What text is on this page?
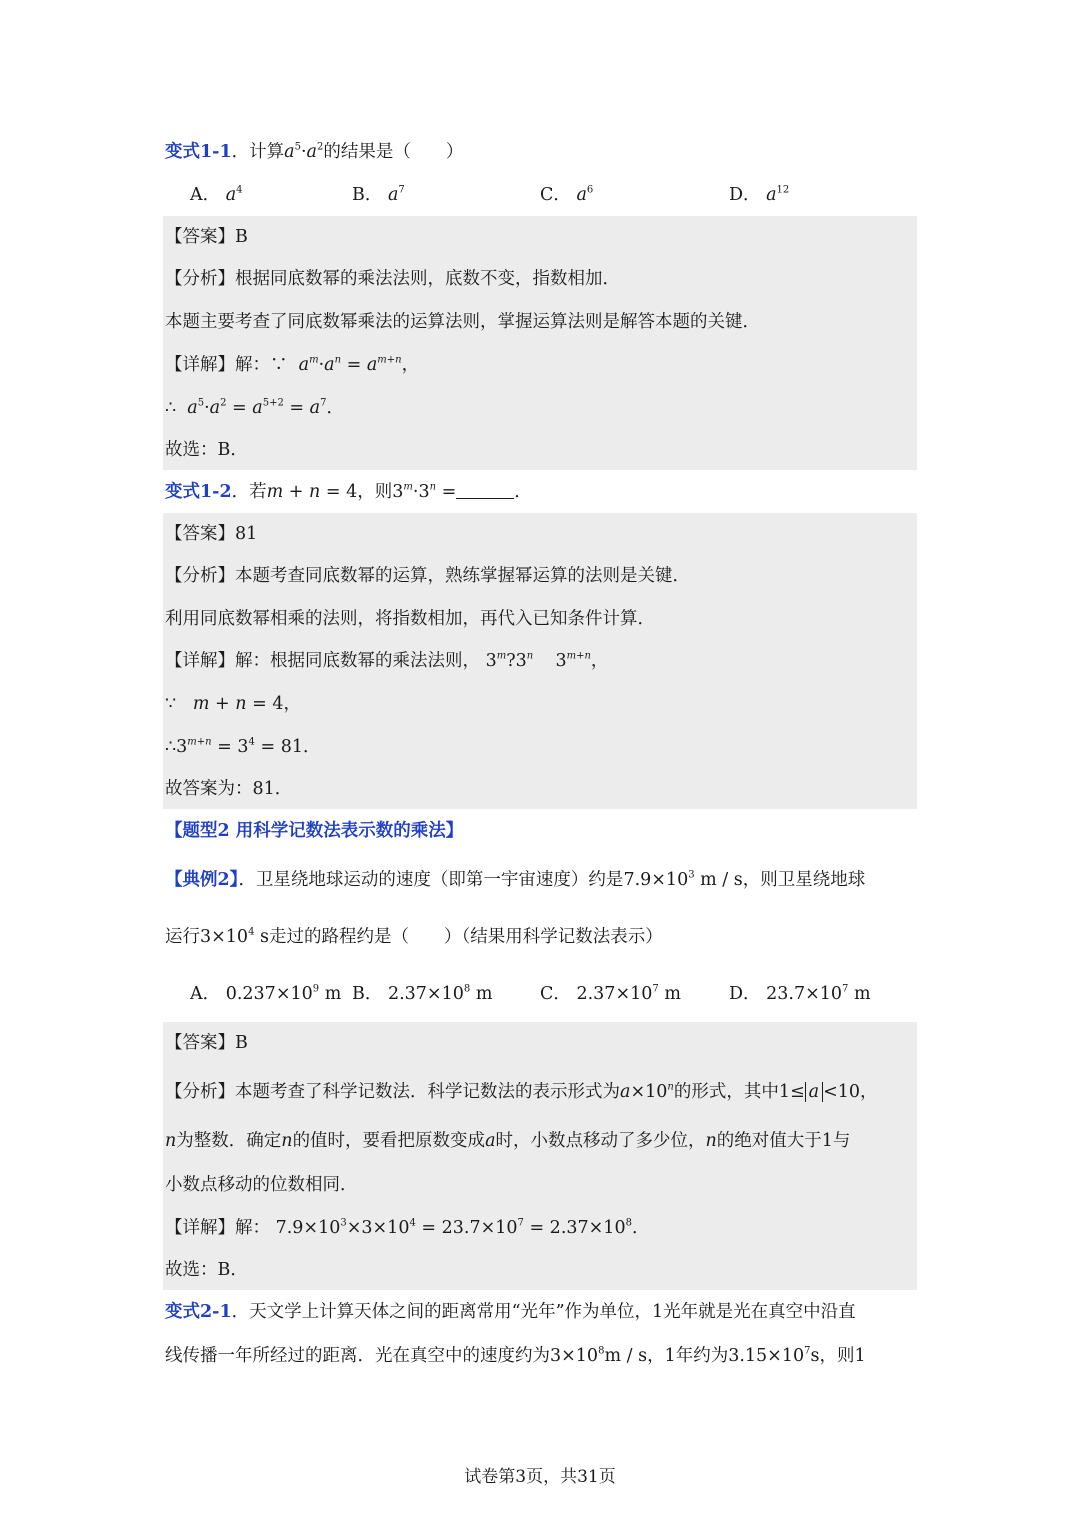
变式1-1．计算$a^5\cdot a^2$的结果是（　　）
A． $a^4$	B． $a^7$	C． $a^6$	D． $a^{12}$
【答案】B
【分析】根据同底数幂的乘法法则，底数不变，指数相加．
本题主要考查了同底数幂乘法的运算法则，掌握运算法则是解答本题的关键．
【详解】解：∵ $a^m\cdot a^n = a^{m+n}$，
∴ $a^5\cdot a^2 = a^{5+2} = a^7$．
故选：B．
变式1-2．若m + n = 4，则$3^m\cdot 3^n$ =	．
【答案】81
【分析】本题考查同底数幂的运算，熟练掌握幂运算的法则是关键．
利用同底数幂相乘的法则，将指数相加，再代入已知条件计算．
【详解】解：根据同底数幂的乘法法则， 3$^m$?3$^n$    $3^{m+n}$，
∵ m + n = 4，
$\therefore 3^{m+n} = 3^4 = 81$．
故答案为：81．
【题型2 用科学记数法表示数的乘法】
【典例2】．卫星绕地球运动的速度（即第一宇宙速度）约是$7.9\times 10^3$ m / s，则卫星绕地球
运行$3\times 10^4$ s走过的路程约是（　　）（结果用科学记数法表示）
A． $0.237\times 10^9$ m B． $2.37\times 10^8$ m	C． $2.37\times 10^7$ m	D． $23.7\times 10^7$ m
【答案】B
【分析】本题考查了科学记数法．科学记数法的表示形式为$a\times 10^n$的形式，其中1≤ a <10，
n为整数．确定n的值时，要看把原数变成a时，小数点移动了多少位，n的绝对值大于1与
小数点移动的位数相同．
【详解】解： $7.9\times 10^3\times 3\times 10^4 = 23.7\times 10^7 = 2.37\times 10^8$．
故选：B．
变式2-1．天文学上计算天体之间的距离常用“光年”作为单位，1光年就是光在真空中沿直
线传播一年所经过的距离．光在真空中的速度约为$3\times 10^8m / s$，1年约为$3.15\times 10^7s$，则1
试卷第3页，共31页
